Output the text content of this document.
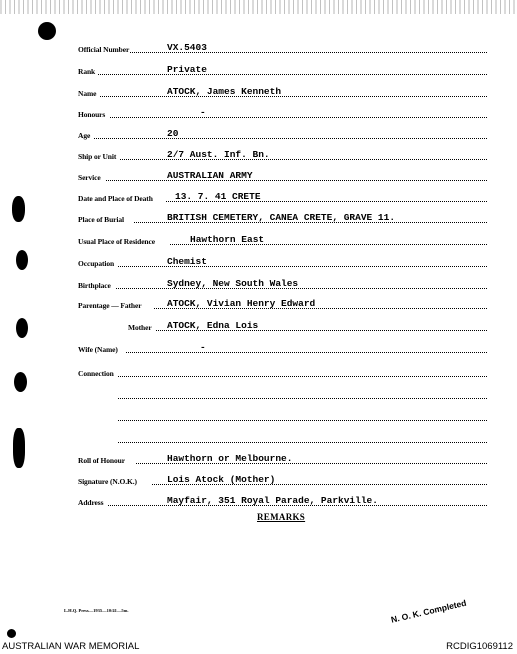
Official Number	VX.5403
Rank	Private
Name	ATOCK, James Kenneth
Honours	-
Age	20
Ship or Unit	2/7 Aust. Inf. Bn.
Service	AUSTRALIAN ARMY
Date and Place of Death 13. 7. 41 CRETE
Place of Burial	BRITISH CEMETERY, CANEA CRETE, GRAVE 11.
Usual Place of Residence	Hawthorn East
Occupation	Chemist
Birthplace	Sydney, New South Wales
Parentage — Father	ATOCK, Vivian Henry Edward
Mother ATOCK, Edna Lois
Wife (Name)	-
Connection
Roll of Honour	Hawthorn or Melbourne.
Signature (N.O.K.)	Lois Atock (Mother)
Address	Mayfair, 351 Royal Parade, Parkville.
REMARKS
L.H.Q. Press—1935—10/41—5m.	N. O. K. Completed
AUSTRALIAN WAR MEMORIAL	RCDIG1069112
